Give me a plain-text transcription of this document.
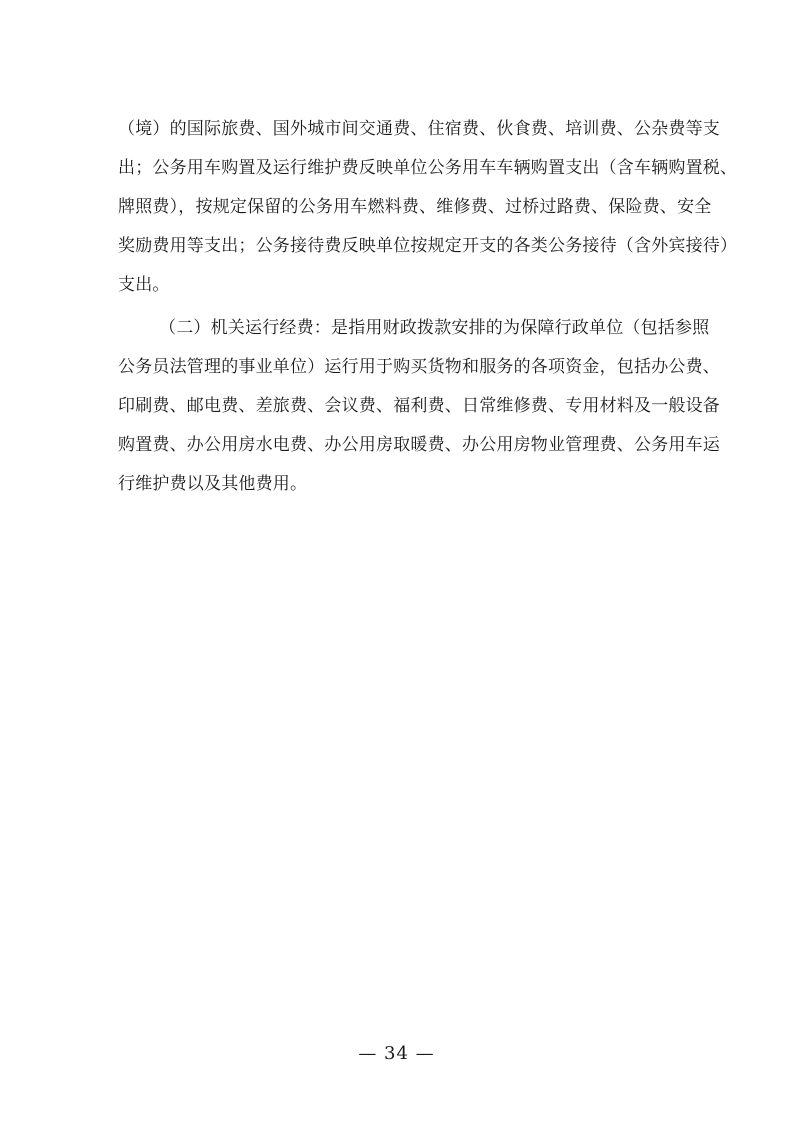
（境）的国际旅费、国外城市间交通费、住宿费、伙食费、培训费、公杂费等支
出；公务用车购置及运行维护费反映单位公务用车车辆购置支出（含车辆购置税、
牌照费），按规定保留的公务用车燃料费、维修费、过桥过路费、保险费、安全
奖励费用等支出；公务接待费反映单位按规定开支的各类公务接待（含外宾接待）
支出。
（二）机关运行经费：是指用财政拨款安排的为保障行政单位（包括参照
公务员法管理的事业单位）运行用于购买货物和服务的各项资金，包括办公费、
印刷费、邮电费、差旅费、会议费、福利费、日常维修费、专用材料及一般设备
购置费、办公用房水电费、办公用房取暖费、办公用房物业管理费、公务用车运
行维护费以及其他费用。
— 34 —
